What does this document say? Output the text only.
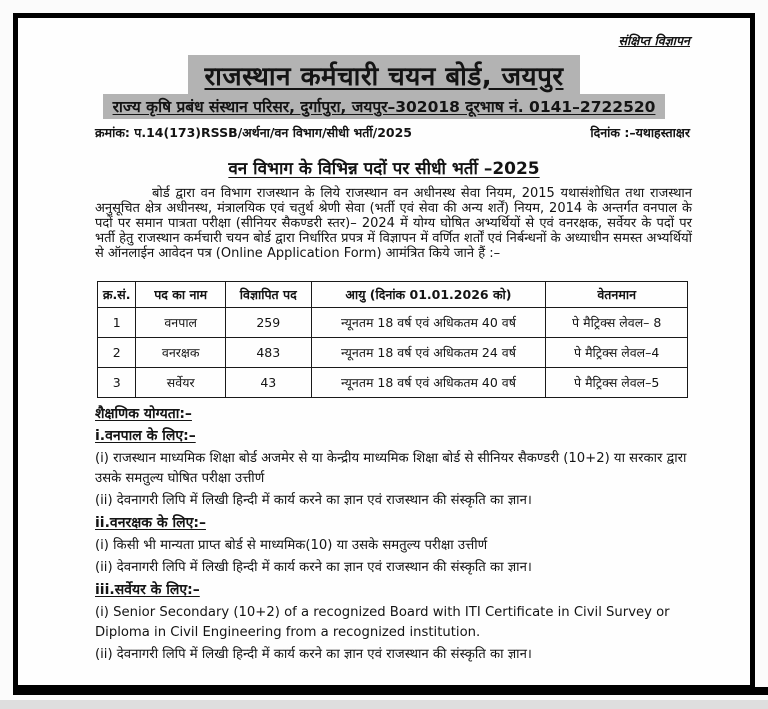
संक्षिप्त विज्ञापन
राजस्थान कर्मचारी चयन बोर्ड, जयपुर
राज्य कृषि प्रबंध संस्थान परिसर, दुर्गापुरा, जयपुर–302018 दूरभाष नं. 0141–2722520
क्रमांक: प.14(173)RSSB/अर्थना/वन विभाग/सीधी भर्ती/2025	दिनांक :–यथाहस्ताक्षर
वन विभाग के विभिन्न पदों पर सीधी भर्ती –2025

बोर्ड द्वारा वन विभाग राजस्थान के लिये राजस्थान वन अधीनस्थ सेवा नियम, 2015 यथासंशोधित तथा राजस्थान अनुसूचित क्षेत्र अधीनस्थ, मंत्रालयिक एवं चतुर्थ श्रेणी सेवा (भर्ती एवं सेवा की अन्य शर्तें) नियम, 2014 के अन्तर्गत वनपाल के पदों पर समान पात्रता परीक्षा (सीनियर सैकण्डरी स्तर)– 2024 में योग्य घोषित अभ्यर्थियों से एवं वनरक्षक, सर्वेयर के पदों पर भर्ती हेतु राजस्थान कर्मचारी चयन बोर्ड द्वारा निर्धारित प्रपत्र में विज्ञापन में वर्णित शर्तों एवं निर्बन्धनों के अध्याधीन समस्त अभ्यर्थियों से ऑनलाईन आवेदन पत्र (Online Application Form) आमंत्रित किये जाने हैं :–

क्र.सं.	पद का नाम	विज्ञापित पद	आयु (दिनांक 01.01.2026 को)	वेतनमान
1	वनपाल	259	न्यूनतम 18 वर्ष एवं अधिकतम 40 वर्ष	पे मैट्रिक्स लेवल– 8
2	वनरक्षक	483	न्यूनतम 18 वर्ष एवं अधिकतम 24 वर्ष	पे मैट्रिक्स लेवल–4
3	सर्वेयर	43	न्यूनतम 18 वर्ष एवं अधिकतम 40 वर्ष	पे मैट्रिक्स लेवल–5
शैक्षणिक योग्यता:–
i.वनपाल के लिए:–

(i) राजस्थान माध्यमिक शिक्षा बोर्ड अजमेर से या केन्द्रीय माध्यमिक शिक्षा बोर्ड से सीनियर सैकण्डरी (10+2) या सरकार द्वारा उसके समतुल्य घोषित परीक्षा उत्तीर्ण

(ii) देवनागरी लिपि में लिखी हिन्दी में कार्य करने का ज्ञान एवं राजस्थान की संस्कृति का ज्ञान।

ii.वनरक्षक के लिए:–

(i) किसी भी मान्यता प्राप्त बोर्ड से माध्यमिक(10) या उसके समतुल्य परीक्षा उत्तीर्ण

(ii) देवनागरी लिपि में लिखी हिन्दी में कार्य करने का ज्ञान एवं राजस्थान की संस्कृति का ज्ञान।

iii.सर्वेयर के लिए:–

(i) Senior Secondary (10+2) of a recognized Board with ITI Certificate in Civil Survey or Diploma in Civil Engineering from a recognized institution.

(ii) देवनागरी लिपि में लिखी हिन्दी में कार्य करने का ज्ञान एवं राजस्थान की संस्कृति का ज्ञान।
